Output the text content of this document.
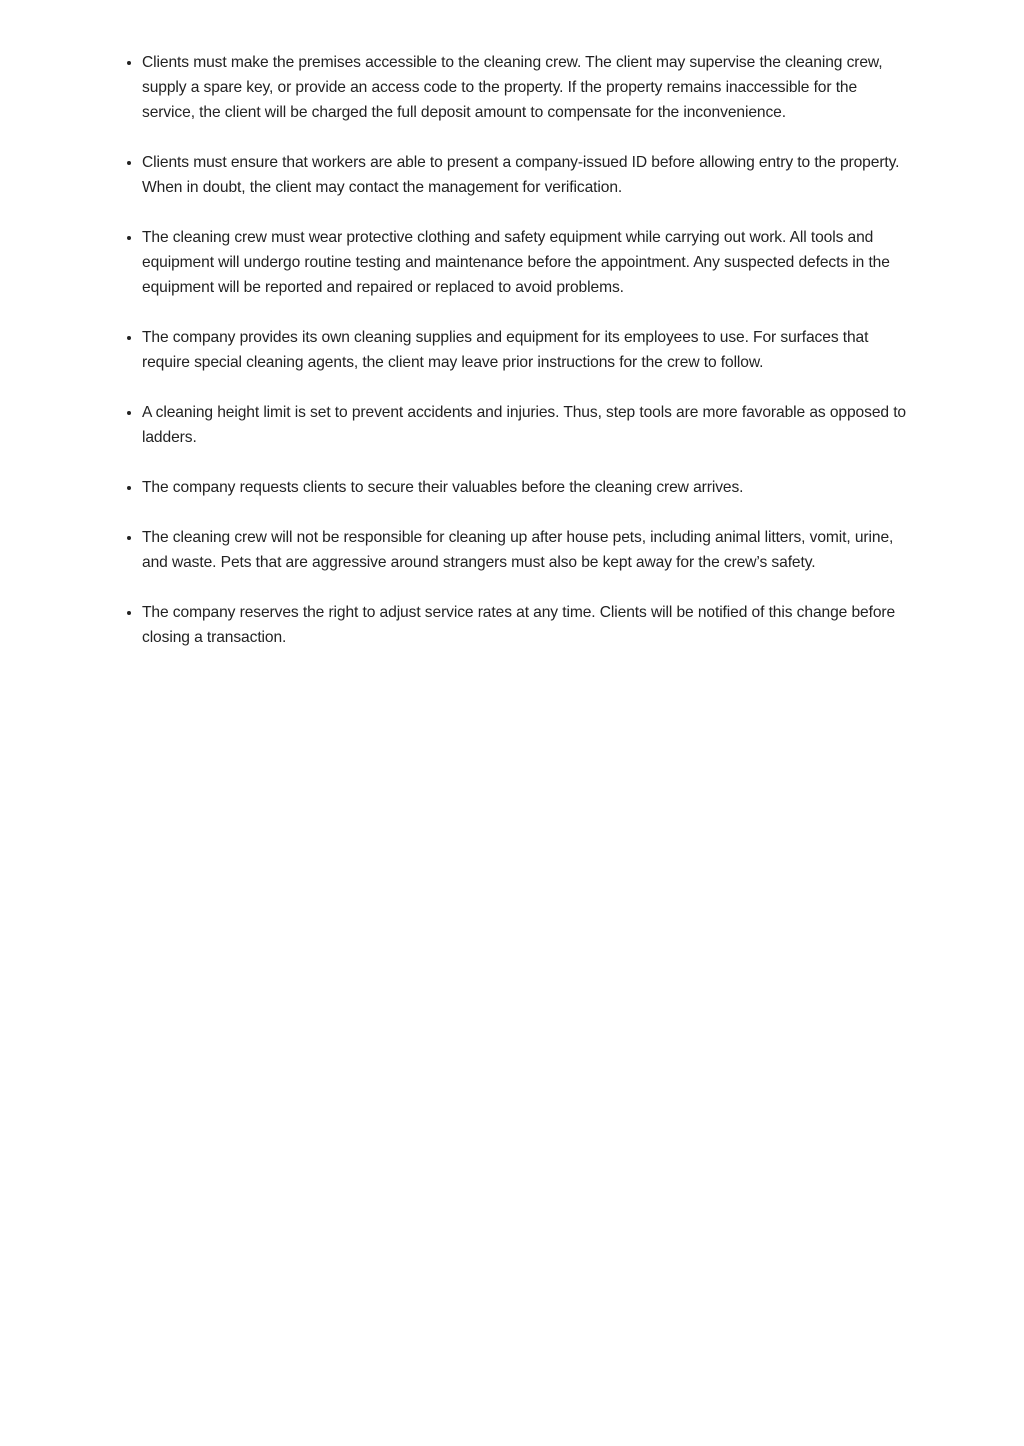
• Clients must make the premises accessible to the cleaning crew. The client may supervise the cleaning crew, supply a spare key, or provide an access code to the property. If the property remains inaccessible for the service, the client will be charged the full deposit amount to compensate for the inconvenience.
• Clients must ensure that workers are able to present a company-issued ID before allowing entry to the property. When in doubt, the client may contact the management for verification.
• The cleaning crew must wear protective clothing and safety equipment while carrying out work. All tools and equipment will undergo routine testing and maintenance before the appointment. Any suspected defects in the equipment will be reported and repaired or replaced to avoid problems.
• The company provides its own cleaning supplies and equipment for its employees to use. For surfaces that require special cleaning agents, the client may leave prior instructions for the crew to follow.
• A cleaning height limit is set to prevent accidents and injuries. Thus, step tools are more favorable as opposed to ladders.
• The company requests clients to secure their valuables before the cleaning crew arrives.
• The cleaning crew will not be responsible for cleaning up after house pets, including animal litters, vomit, urine, and waste. Pets that are aggressive around strangers must also be kept away for the crew’s safety.
• The company reserves the right to adjust service rates at any time. Clients will be notified of this change before closing a transaction.
